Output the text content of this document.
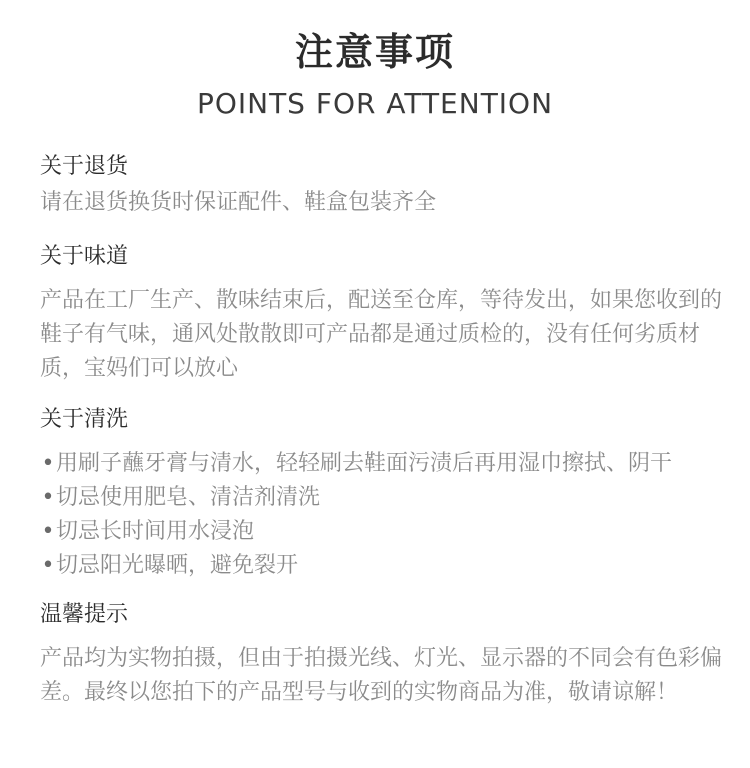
注意事项
POINTS FOR ATTENTION

关于退货

请在退货换货时保证配件、鞋盒包装齐全

关于味道

产品在工厂生产、散味结束后，配送至仓库，等待发出，如果您收到的鞋子有气味，通风处散散即可产品都是通过质检的，没有任何劣质材质，宝妈们可以放心

关于清洗

•用刷子蘸牙膏与清水，轻轻刷去鞋面污渍后再用湿巾擦拭、阴干
•切忌使用肥皂、清洁剂清洗
•切忌长时间用水浸泡
•切忌阳光曝晒，避免裂开

温馨提示

产品均为实物拍摄，但由于拍摄光线、灯光、显示器的不同会有色彩偏差。最终以您拍下的产品型号与收到的实物商品为准，敬请谅解！
